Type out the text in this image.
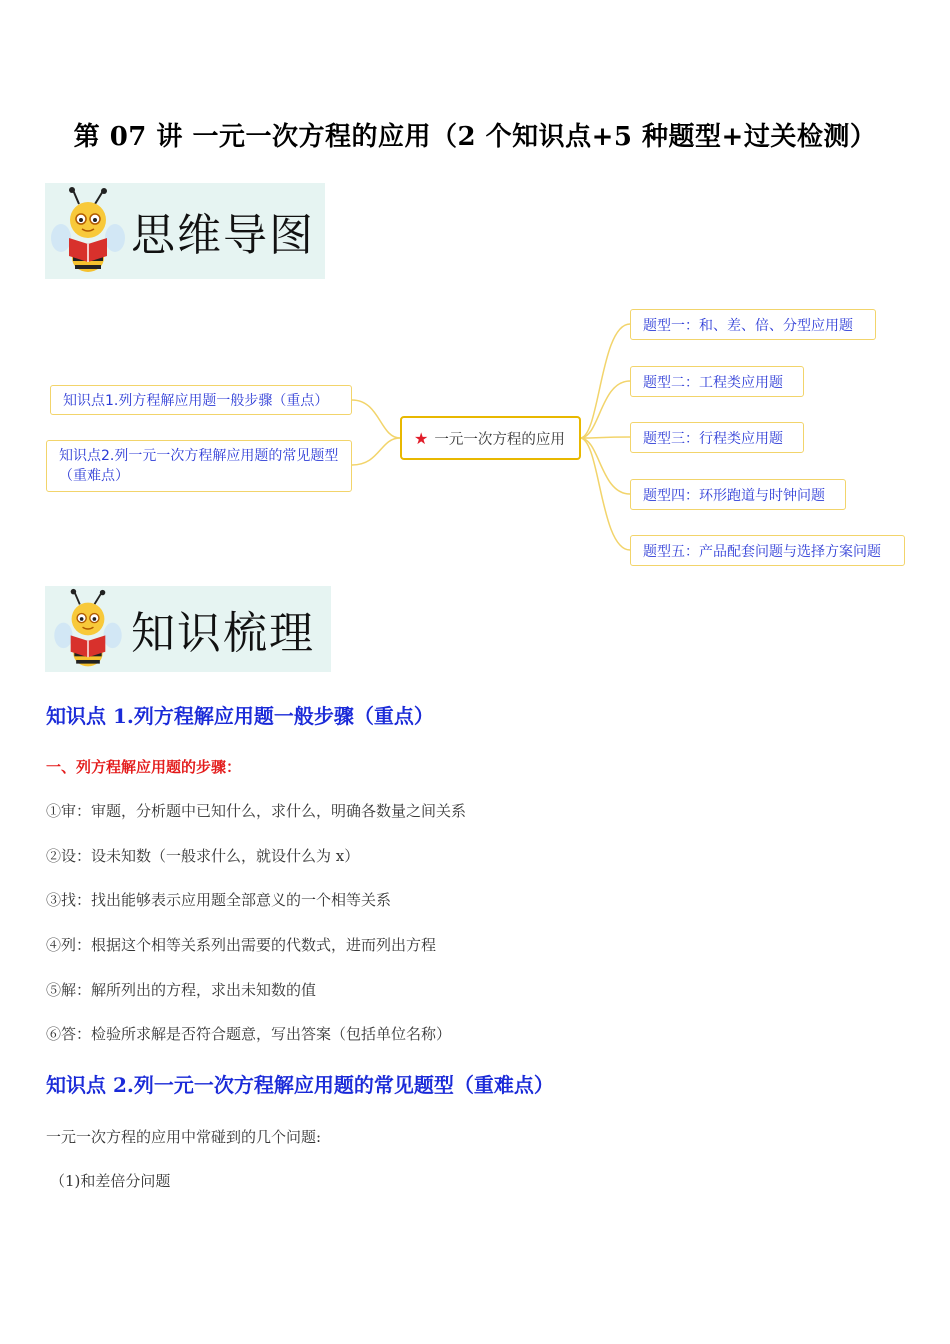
第 07 讲 一元一次方程的应用（2 个知识点+5 种题型+过关检测）
思维导图
知识点1.列方程解应用题一般步骤（重点）
知识点2.列一元一次方程解应用题的常见题型（重难点）
★ 一元一次方程的应用
题型一：和、差、倍、分型应用题
题型二：工程类应用题
题型三：行程类应用题
题型四：环形跑道与时钟问题
题型五：产品配套问题与选择方案问题
知识梳理
知识点 1.列方程解应用题一般步骤（重点）
一、列方程解应用题的步骤：
①审：审题，分析题中已知什么，求什么，明确各数量之间关系
②设：设未知数（一般求什么，就设什么为 x）
③找：找出能够表示应用题全部意义的一个相等关系
④列：根据这个相等关系列出需要的代数式，进而列出方程
⑤解：解所列出的方程，求出未知数的值
⑥答：检验所求解是否符合题意，写出答案（包括单位名称）
知识点 2.列一元一次方程解应用题的常见题型（重难点）
一元一次方程的应用中常碰到的几个问题:
（1)和差倍分问题
